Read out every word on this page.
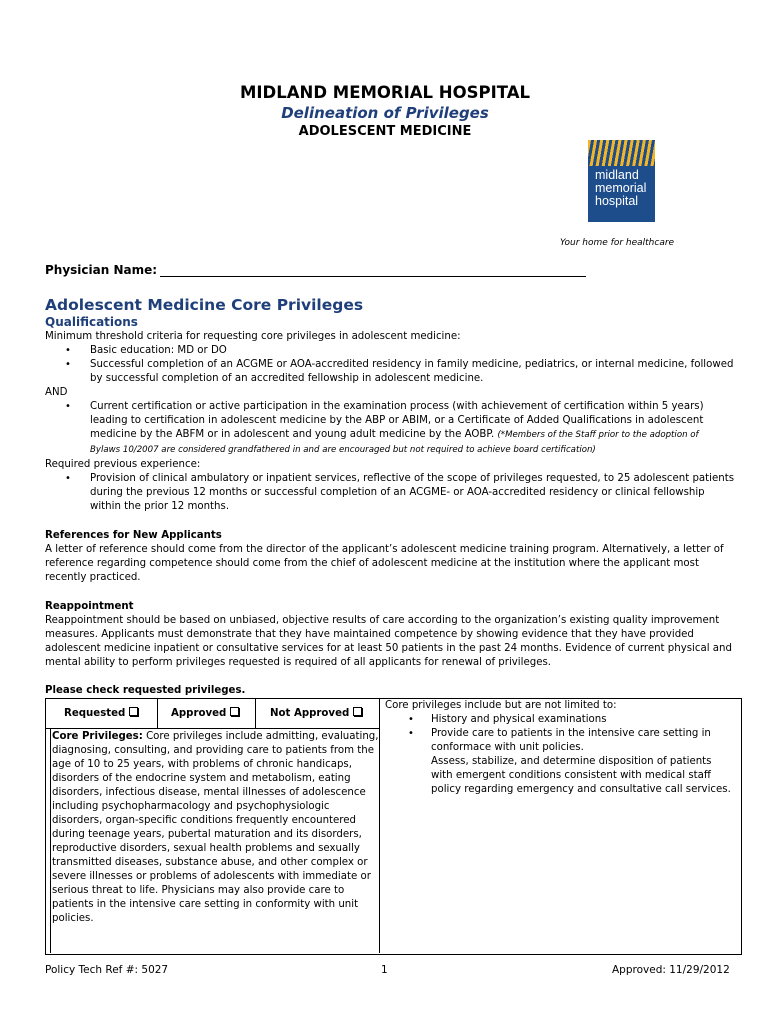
MIDLAND MEMORIAL HOSPITAL
Delineation of Privileges
ADOLESCENT MEDICINE
midland
memorial
hospital
Your home for healthcare
Physician Name:
Adolescent Medicine Core Privileges
Qualifications
Minimum threshold criteria for requesting core privileges in adolescent medicine:
• Basic education: MD or DO
• Successful completion of an ACGME or AOA-accredited residency in family medicine, pediatrics, or internal medicine, followed
by successful completion of an accredited fellowship in adolescent medicine.
AND
• Current certification or active participation in the examination process (with achievement of certification within 5 years)
leading to certification in adolescent medicine by the ABP or ABIM, or a Certificate of Added Qualifications in adolescent
medicine by the ABFM or in adolescent and young adult medicine by the AOBP. (*Members of the Staff prior to the adoption of
Bylaws 10/2007 are considered grandfathered in and are encouraged but not required to achieve board certification)
Required previous experience:
• Provision of clinical ambulatory or inpatient services, reflective of the scope of privileges requested, to 25 adolescent patients
during the previous 12 months or successful completion of an ACGME- or AOA-accredited residency or clinical fellowship
within the prior 12 months.
References for New Applicants
A letter of reference should come from the director of the applicant’s adolescent medicine training program. Alternatively, a letter of
reference regarding competence should come from the chief of adolescent medicine at the institution where the applicant most
recently practiced.
Reappointment
Reappointment should be based on unbiased, objective results of care according to the organization’s existing quality improvement
measures. Applicants must demonstrate that they have maintained competence by showing evidence that they have provided
adolescent medicine inpatient or consultative services for at least 50 patients in the past 24 months. Evidence of current physical and
mental ability to perform privileges requested is required of all applicants for renewal of privileges.
Please check requested privileges.
Requested	Approved	Not Approved
Core Privileges: Core privileges include admitting, evaluating,
diagnosing, consulting, and providing care to patients from the
age of 10 to 25 years, with problems of chronic handicaps,
disorders of the endocrine system and metabolism, eating
disorders, infectious disease, mental illnesses of adolescence
including psychopharmacology and psychophysiologic
disorders, organ-specific conditions frequently encountered
during teenage years, pubertal maturation and its disorders,
reproductive disorders, sexual health problems and sexually
transmitted diseases, substance abuse, and other complex or
severe illnesses or problems of adolescents with immediate or
serious threat to life. Physicians may also provide care to
patients in the intensive care setting in conformity with unit
policies.
Core privileges include but are not limited to:
• History and physical examinations
• Provide care to patients in the intensive care setting in
conformace with unit policies.
Assess, stabilize, and determine disposition of patients
with emergent conditions consistent with medical staff
policy regarding emergency and consultative call services.
Policy Tech Ref #: 5027	1	Approved: 11/29/2012
